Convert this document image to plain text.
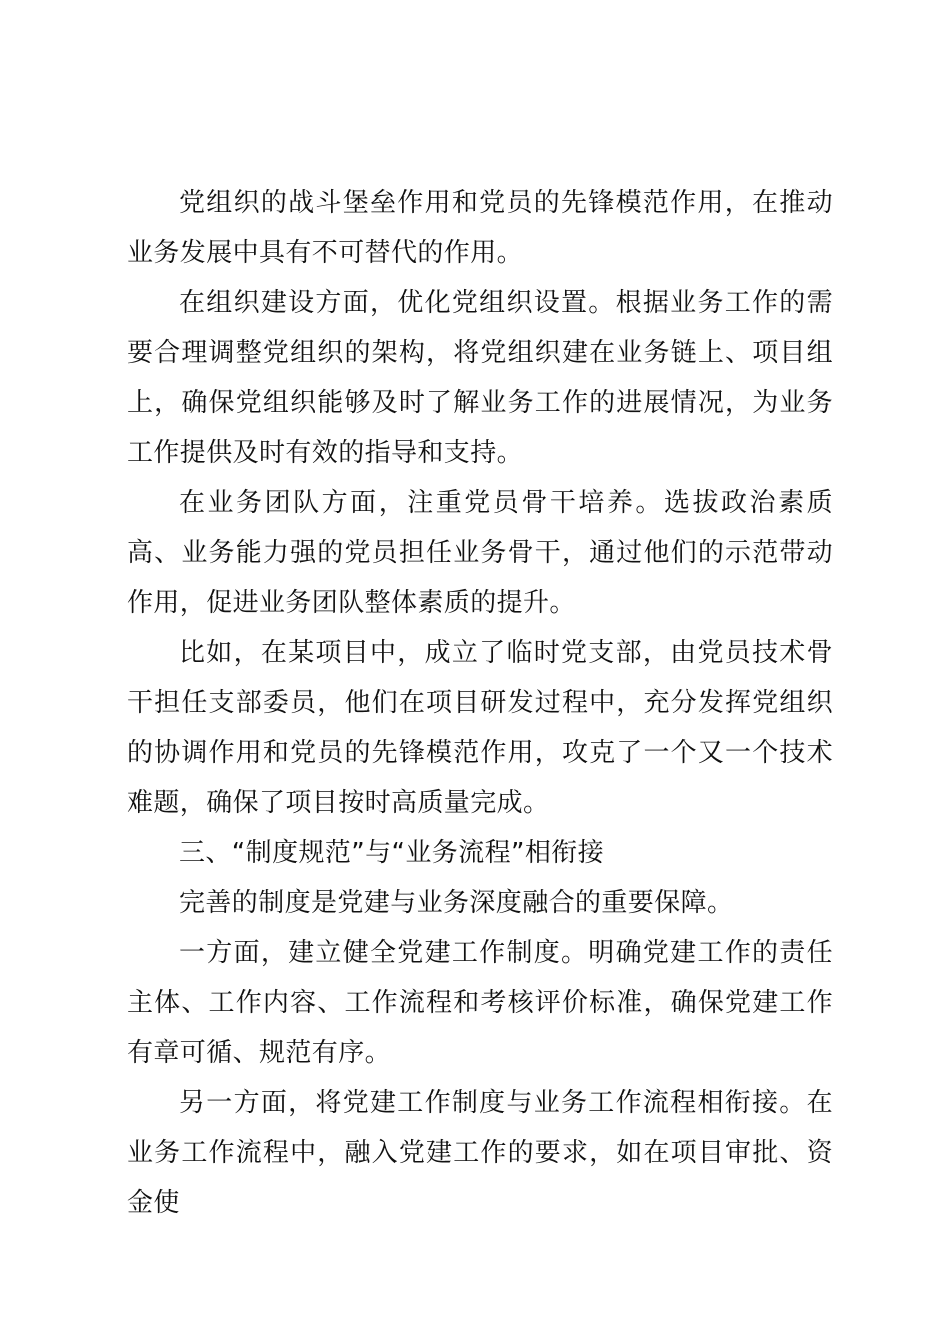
党组织的战斗堡垒作用和党员的先锋模范作用，在推动业务发展中具有不可替代的作用。

在组织建设方面，优化党组织设置。根据业务工作的需要合理调整党组织的架构，将党组织建在业务链上、项目组上，确保党组织能够及时了解业务工作的进展情况，为业务工作提供及时有效的指导和支持。

在业务团队方面，注重党员骨干培养。选拔政治素质高、业务能力强的党员担任业务骨干，通过他们的示范带动作用，促进业务团队整体素质的提升。

比如，在某项目中，成立了临时党支部，由党员技术骨干担任支部委员，他们在项目研发过程中，充分发挥党组织的协调作用和党员的先锋模范作用，攻克了一个又一个技术难题，确保了项目按时高质量完成。

三、“制度规范”与“业务流程”相衔接

完善的制度是党建与业务深度融合的重要保障。

一方面，建立健全党建工作制度。明确党建工作的责任主体、工作内容、工作流程和考核评价标准，确保党建工作有章可循、规范有序。

另一方面，将党建工作制度与业务工作流程相衔接。在业务工作流程中，融入党建工作的要求，如在项目审批、资金使
